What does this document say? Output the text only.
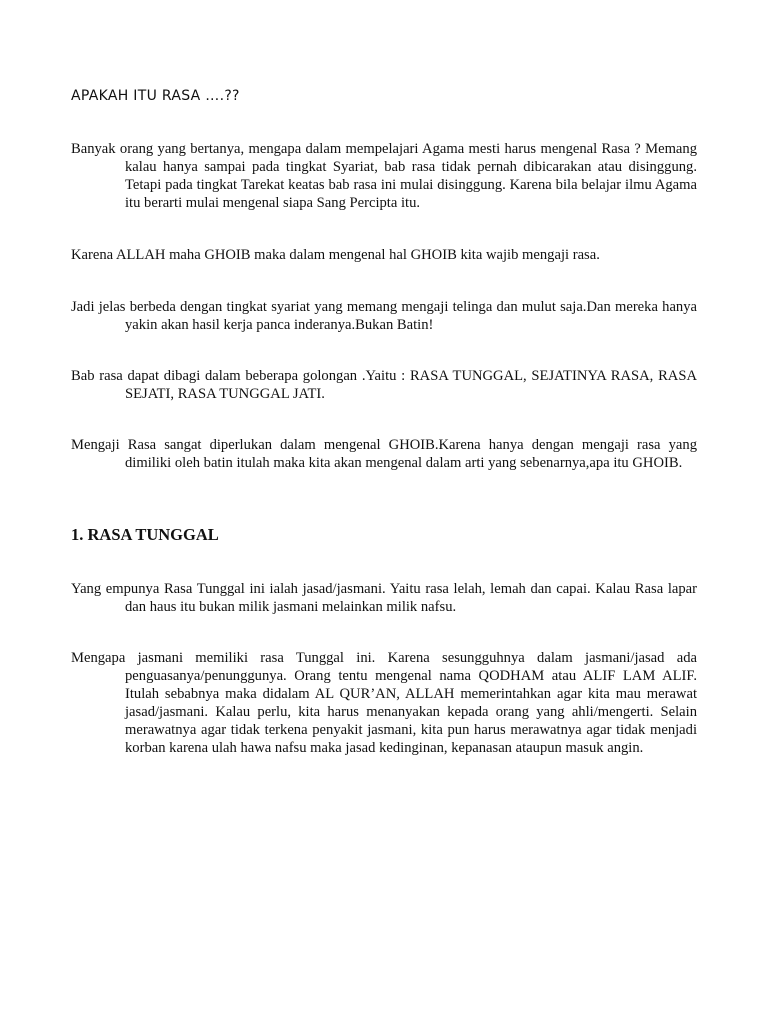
APAKAH ITU RASA ….??

Banyak orang yang bertanya, mengapa dalam mempelajari Agama mesti harus mengenal Rasa ? Memang kalau hanya sampai pada tingkat Syariat, bab rasa tidak pernah dibicarakan atau disinggung. Tetapi pada tingkat Tarekat keatas bab rasa ini mulai disinggung. Karena bila belajar ilmu Agama itu berarti mulai mengenal siapa Sang Percipta itu.

Karena ALLAH maha GHOIB maka dalam mengenal hal GHOIB kita wajib mengaji rasa.

Jadi jelas berbeda dengan tingkat syariat yang memang mengaji telinga dan mulut saja.Dan mereka hanya yakin akan hasil kerja panca inderanya.Bukan Batin!

Bab rasa dapat dibagi dalam beberapa golongan .Yaitu : RASA TUNGGAL, SEJATINYA RASA, RASA SEJATI, RASA TUNGGAL JATI.

Mengaji Rasa sangat diperlukan dalam mengenal GHOIB.Karena hanya dengan mengaji rasa yang dimiliki oleh batin itulah maka kita akan mengenal dalam arti yang sebenarnya,apa itu GHOIB.

1. RASA TUNGGAL

Yang empunya Rasa Tunggal ini ialah jasad/jasmani. Yaitu rasa lelah, lemah dan capai. Kalau Rasa lapar dan haus itu bukan milik jasmani melainkan milik nafsu.

Mengapa jasmani memiliki rasa Tunggal ini. Karena sesungguhnya dalam jasmani/jasad ada penguasanya/penunggunya. Orang tentu mengenal nama QODHAM atau ALIF LAM ALIF. Itulah sebabnya maka didalam AL QUR’AN, ALLAH memerintahkan agar kita mau merawat jasad/jasmani. Kalau perlu, kita harus menanyakan kepada orang yang ahli/mengerti. Selain merawatnya agar tidak terkena penyakit jasmani, kita pun harus merawatnya agar tidak menjadi korban karena ulah hawa nafsu maka jasad kedinginan, kepanasan ataupun masuk angin.
